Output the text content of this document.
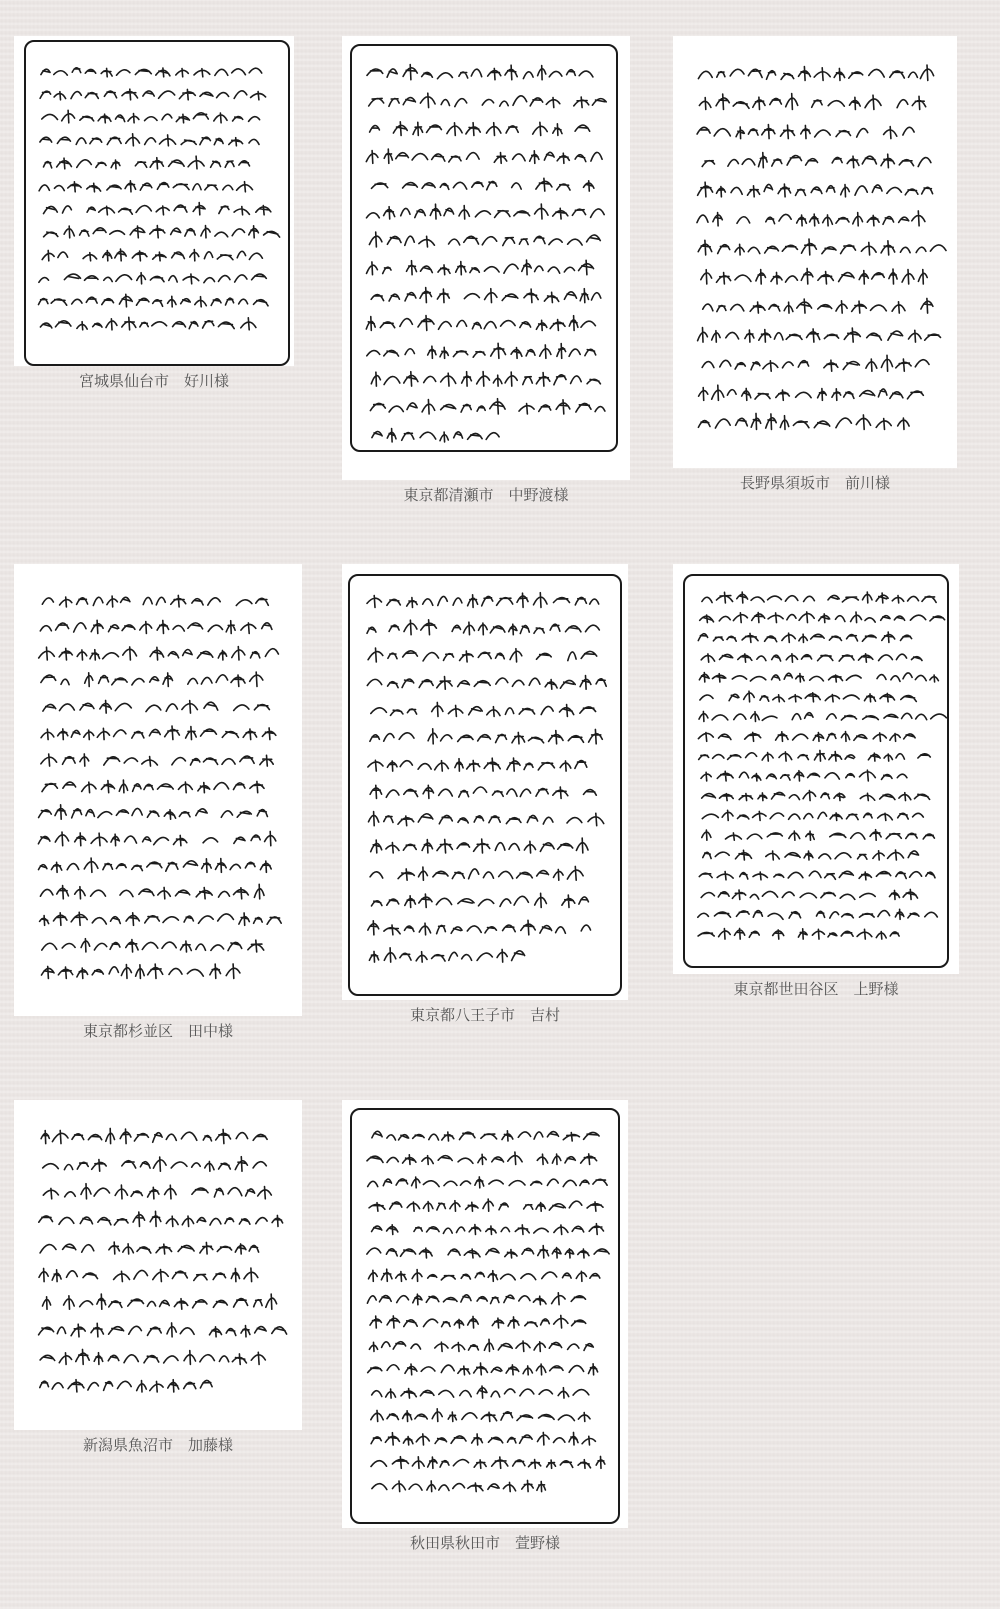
宮城県仙台市　好川様
東京都清瀬市　中野渡様
長野県須坂市　前川様
東京都杉並区　田中様
東京都八王子市　吉村
東京都世田谷区　上野様
新潟県魚沼市　加藤様
秋田県秋田市　萱野様
